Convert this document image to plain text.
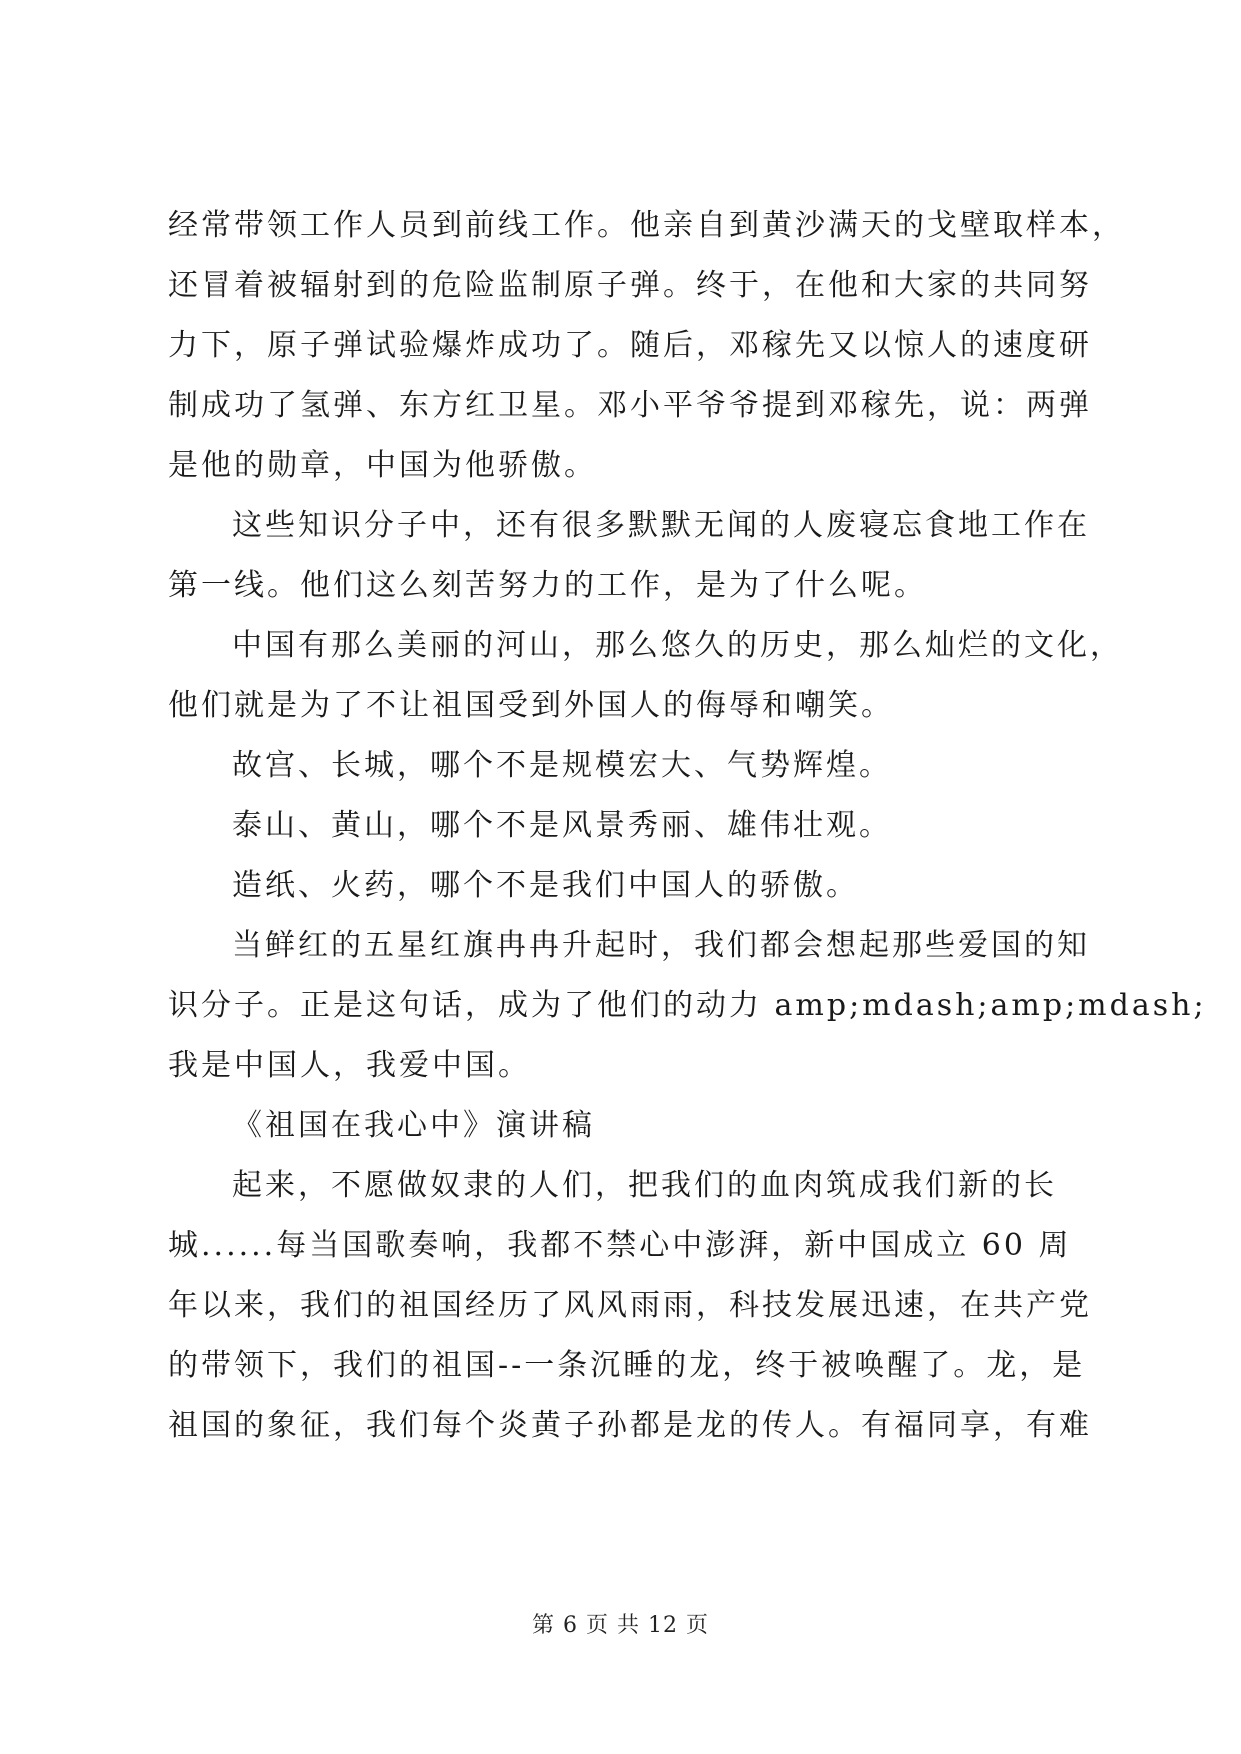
经常带领工作人员到前线工作。他亲自到黄沙满天的戈壁取样本，
还冒着被辐射到的危险监制原子弹。终于，在他和大家的共同努
力下，原子弹试验爆炸成功了。随后，邓稼先又以惊人的速度研
制成功了氢弹、东方红卫星。邓小平爷爷提到邓稼先，说：两弹
是他的勋章，中国为他骄傲。
这些知识分子中，还有很多默默无闻的人废寝忘食地工作在
第一线。他们这么刻苦努力的工作，是为了什么呢。
中国有那么美丽的河山，那么悠久的历史，那么灿烂的文化，
他们就是为了不让祖国受到外国人的侮辱和嘲笑。
故宫、长城，哪个不是规模宏大、气势辉煌。
泰山、黄山，哪个不是风景秀丽、雄伟壮观。
造纸、火药，哪个不是我们中国人的骄傲。
当鲜红的五星红旗冉冉升起时，我们都会想起那些爱国的知
识分子。正是这句话，成为了他们的动力 amp;mdash;amp;mdash;
我是中国人，我爱中国。
《祖国在我心中》演讲稿
起来，不愿做奴隶的人们，把我们的血肉筑成我们新的长
城......每当国歌奏响，我都不禁心中澎湃，新中国成立 60 周
年以来，我们的祖国经历了风风雨雨，科技发展迅速，在共产党
的带领下，我们的祖国--一条沉睡的龙，终于被唤醒了。龙，是
祖国的象征，我们每个炎黄子孙都是龙的传人。有福同享，有难
第 6 页 共 12 页
